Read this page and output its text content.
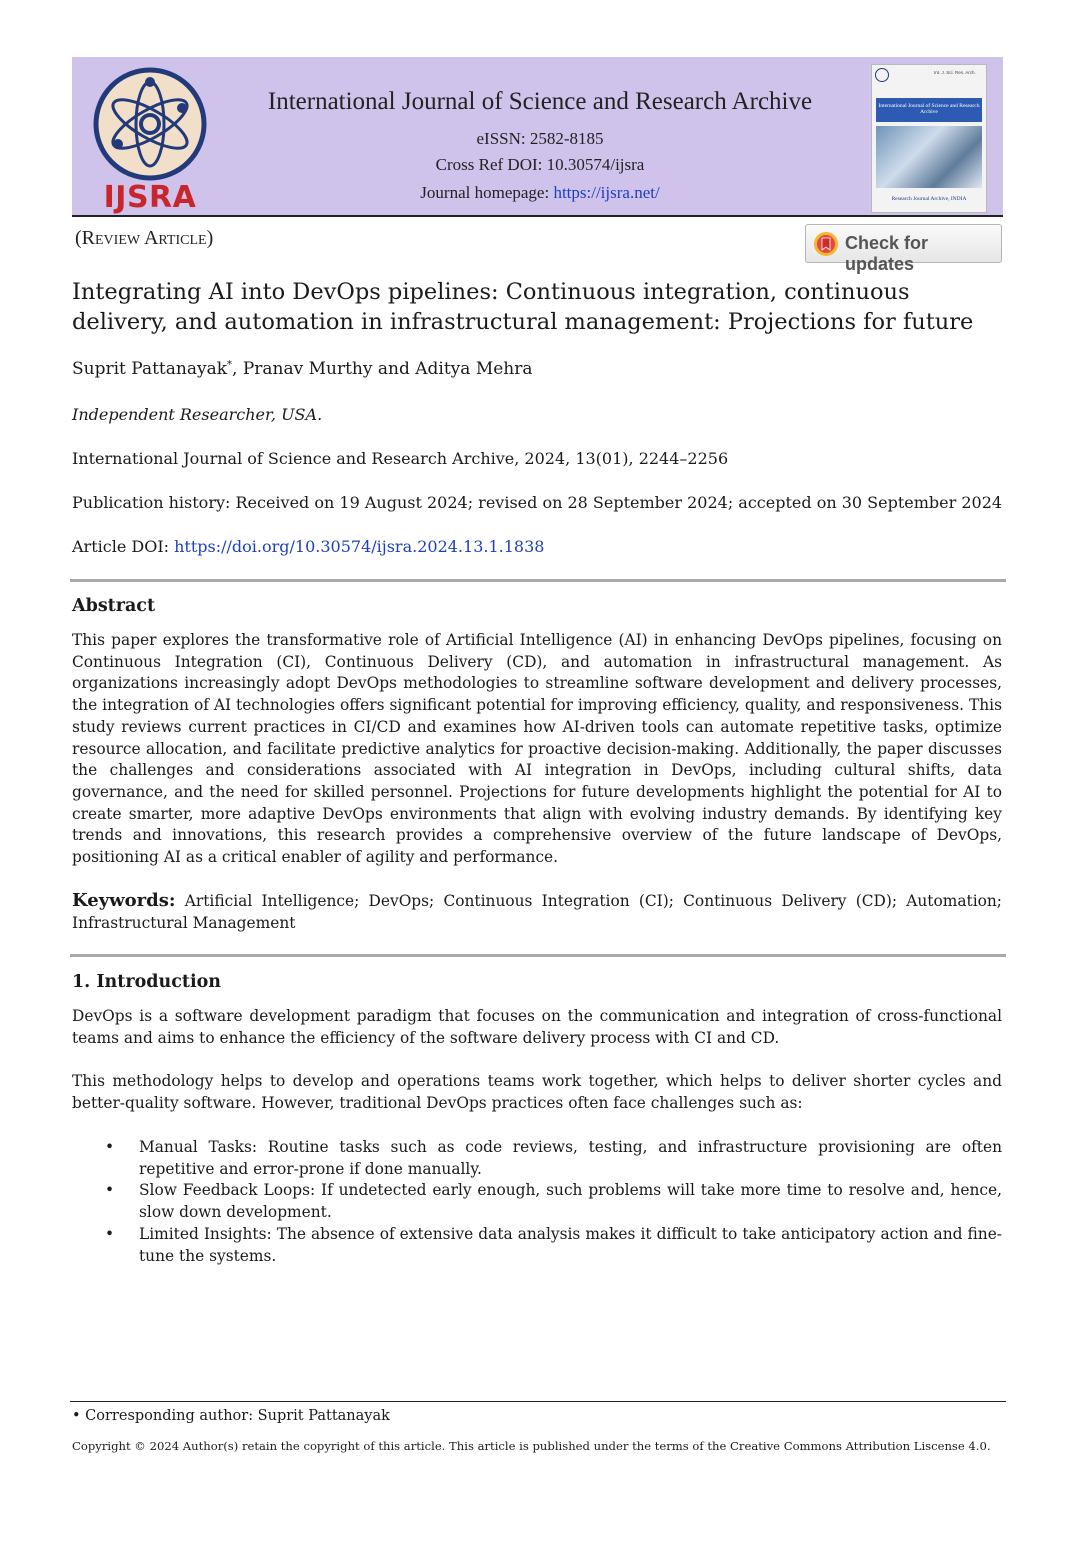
IJSRA
International Journal of Science and Research Archive
eISSN: 2582-8185
Cross Ref DOI: 10.30574/ijsra
Journal homepage: https://ijsra.net/
Int. J. Sci. Res. Arch.
International Journal of Science and Research Archive
Research Journal Archive, INDIA
(Review Article)	Check for updates
Integrating AI into DevOps pipelines: Continuous integration, continuous delivery, and automation in infrastructural management: Projections for future
Suprit Pattanayak*, Pranav Murthy and Aditya Mehra
Independent Researcher, USA.
International Journal of Science and Research Archive, 2024, 13(01), 2244–2256
Publication history: Received on 19 August 2024; revised on 28 September 2024; accepted on 30 September 2024
Article DOI: https://doi.org/10.30574/ijsra.2024.13.1.1838
Abstract
This paper explores the transformative role of Artificial Intelligence (AI) in enhancing DevOps pipelines, focusing on Continuous Integration (CI), Continuous Delivery (CD), and automation in infrastructural management. As organizations increasingly adopt DevOps methodologies to streamline software development and delivery processes, the integration of AI technologies offers significant potential for improving efficiency, quality, and responsiveness. This study reviews current practices in CI/CD and examines how AI-driven tools can automate repetitive tasks, optimize resource allocation, and facilitate predictive analytics for proactive decision-making. Additionally, the paper discusses the challenges and considerations associated with AI integration in DevOps, including cultural shifts, data governance, and the need for skilled personnel. Projections for future developments highlight the potential for AI to create smarter, more adaptive DevOps environments that align with evolving industry demands. By identifying key trends and innovations, this research provides a comprehensive overview of the future landscape of DevOps, positioning AI as a critical enabler of agility and performance.
Keywords: Artificial Intelligence; DevOps; Continuous Integration (CI); Continuous Delivery (CD); Automation; Infrastructural Management
1. Introduction
DevOps is a software development paradigm that focuses on the communication and integration of cross-functional teams and aims to enhance the efficiency of the software delivery process with CI and CD.
This methodology helps to develop and operations teams work together, which helps to deliver shorter cycles and better-quality software. However, traditional DevOps practices often face challenges such as:
• Manual Tasks: Routine tasks such as code reviews, testing, and infrastructure provisioning are often repetitive and error-prone if done manually.
• Slow Feedback Loops: If undetected early enough, such problems will take more time to resolve and, hence, slow down development.
• Limited Insights: The absence of extensive data analysis makes it difficult to take anticipatory action and fine-tune the systems.
• Corresponding author: Suprit Pattanayak
Copyright © 2024 Author(s) retain the copyright of this article. This article is published under the terms of the Creative Commons Attribution Liscense 4.0.
